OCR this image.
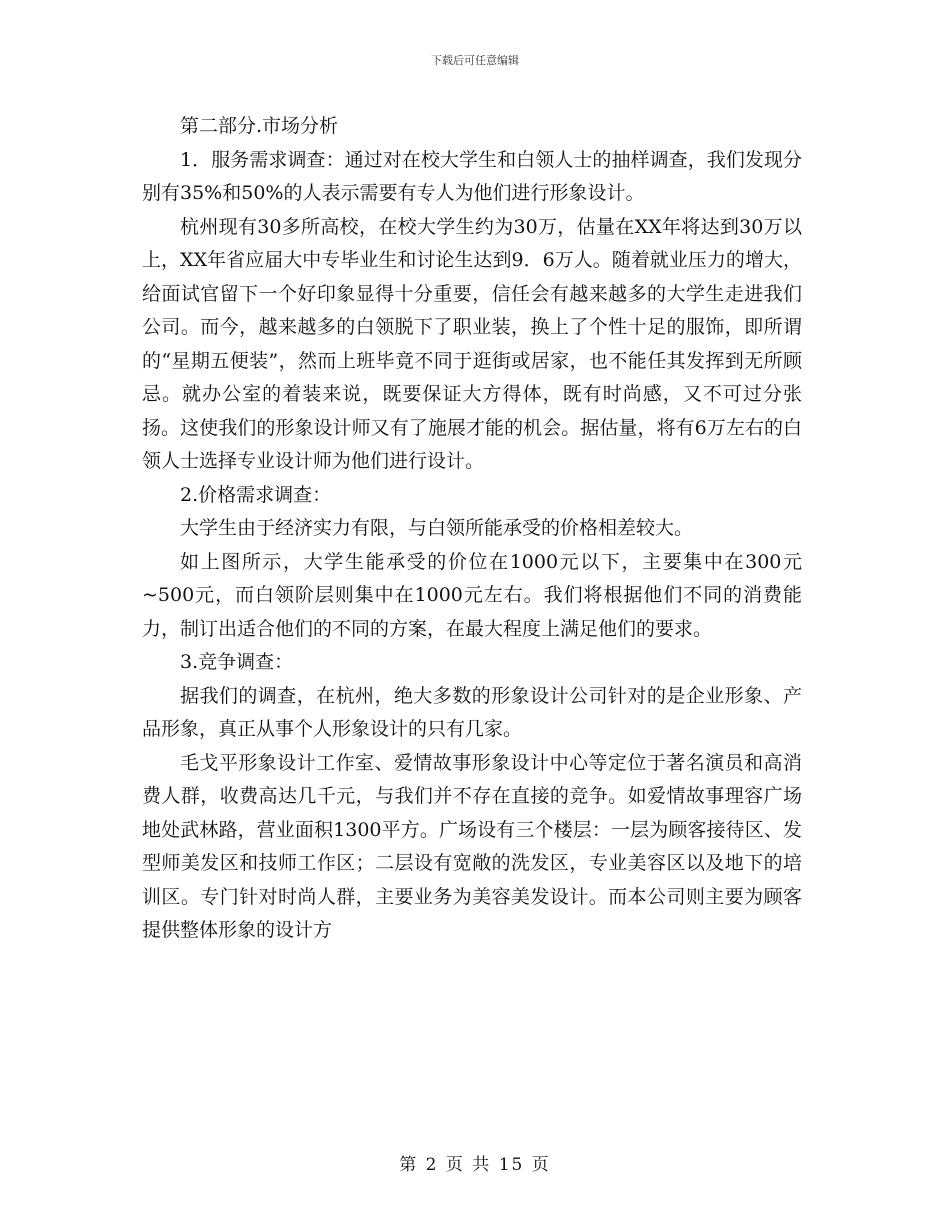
下载后可任意编辑

第二部分.市场分析

1．服务需求调查：通过对在校大学生和白领人士的抽样调查，我们发现分别有35%和50%的人表示需要有专人为他们进行形象设计。

杭州现有30多所高校，在校大学生约为30万，估量在XX年将达到30万以上，XX年省应届大中专毕业生和讨论生达到9．6万人。随着就业压力的增大，给面试官留下一个好印象显得十分重要，信任会有越来越多的大学生走进我们公司。而今，越来越多的白领脱下了职业装，换上了个性十足的服饰，即所谓的“星期五便装”，然而上班毕竟不同于逛街或居家，也不能任其发挥到无所顾忌。就办公室的着装来说，既要保证大方得体，既有时尚感，又不可过分张扬。这使我们的形象设计师又有了施展才能的机会。据估量，将有6万左右的白领人士选择专业设计师为他们进行设计。

2.价格需求调查：

大学生由于经济实力有限，与白领所能承受的价格相差较大。

如上图所示，大学生能承受的价位在1000元以下，主要集中在300元~500元，而白领阶层则集中在1000元左右。我们将根据他们不同的消费能力，制订出适合他们的不同的方案，在最大程度上满足他们的要求。

3.竞争调查：

据我们的调查，在杭州，绝大多数的形象设计公司针对的是企业形象、产品形象，真正从事个人形象设计的只有几家。

毛戈平形象设计工作室、爱情故事形象设计中心等定位于著名演员和高消费人群，收费高达几千元，与我们并不存在直接的竞争。如爱情故事理容广场地处武林路，营业面积1300平方。广场设有三个楼层：一层为顾客接待区、发型师美发区和技师工作区；二层设有宽敞的洗发区，专业美容区以及地下的培训区。专门针对时尚人群，主要业务为美容美发设计。而本公司则主要为顾客提供整体形象的设计方

第 2 页 共 15 页
